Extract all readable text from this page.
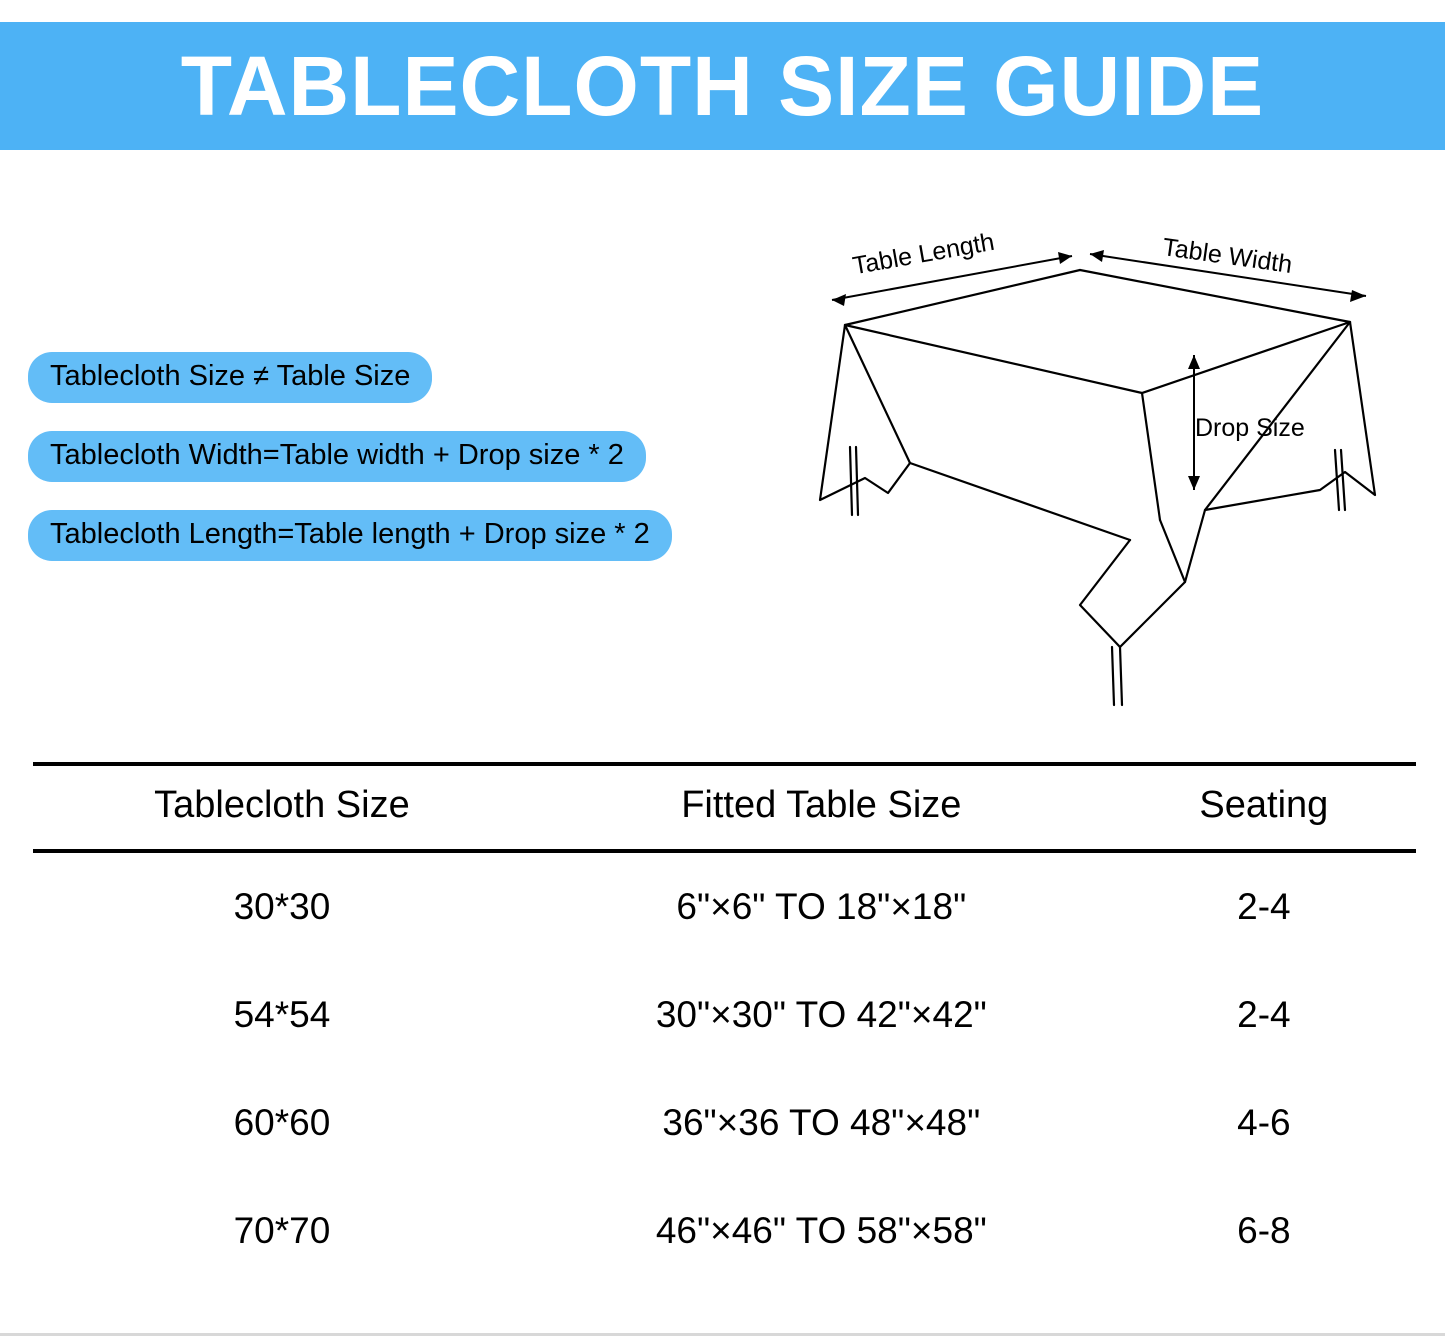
TABLECLOTH SIZE GUIDE
Tablecloth Size ≠ Table Size
Tablecloth Width=Table width + Drop size * 2
Tablecloth Length=Table length + Drop size * 2
Table Length	Table Width
Drop Size
Tablecloth Size	Fitted Table Size	Seating
30*30	6"×6" TO 18"×18"	2-4
54*54	30"×30" TO 42"×42"	2-4
60*60	36"×36 TO 48"×48"	4-6
70*70	46"×46" TO 58"×58"	6-8
